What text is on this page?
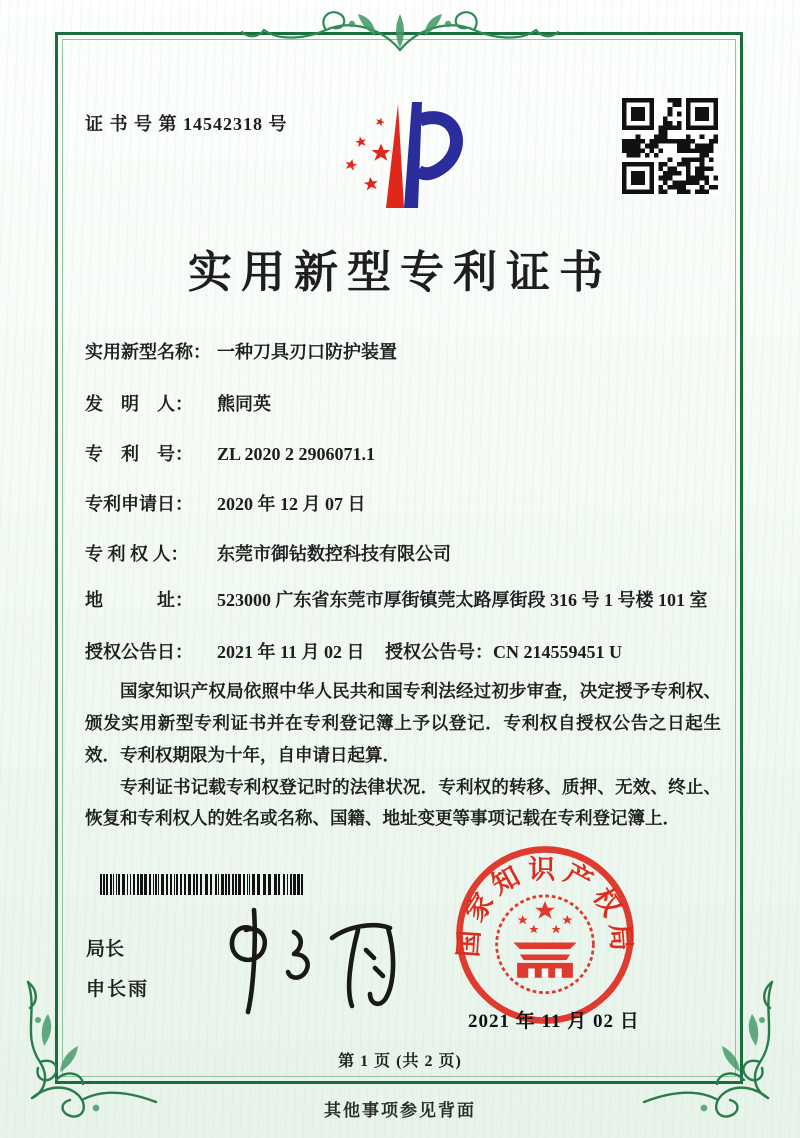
证 书 号 第 14542318 号
实用新型专利证书
实用新型名称： 一种刀具刃口防护装置
发　明　人： 熊同英
专　利　号： ZL 2020 2 2906071.1
专利申请日： 2020 年 12 月 07 日
专 利 权 人： 东莞市御钻数控科技有限公司
地　　　址： 523000 广东省东莞市厚街镇莞太路厚街段 316 号 1 号楼 101 室
授权公告日： 2021 年 11 月 02 日 授权公告号：CN 214559451 U

国家知识产权局依照中华人民共和国专利法经过初步审查，决定授予专利权、颁发实用新型专利证书并在专利登记簿上予以登记．专利权自授权公告之日起生效．专利权期限为十年，自申请日起算．

专利证书记载专利权登记时的法律状况．专利权的转移、质押、无效、终止、恢复和专利权人的姓名或名称、国籍、地址变更等事项记载在专利登记簿上．

局长
申长雨
国家知识产权局
2021 年 11 月 02 日
第 1 页 (共 2 页)
其他事项参见背面
